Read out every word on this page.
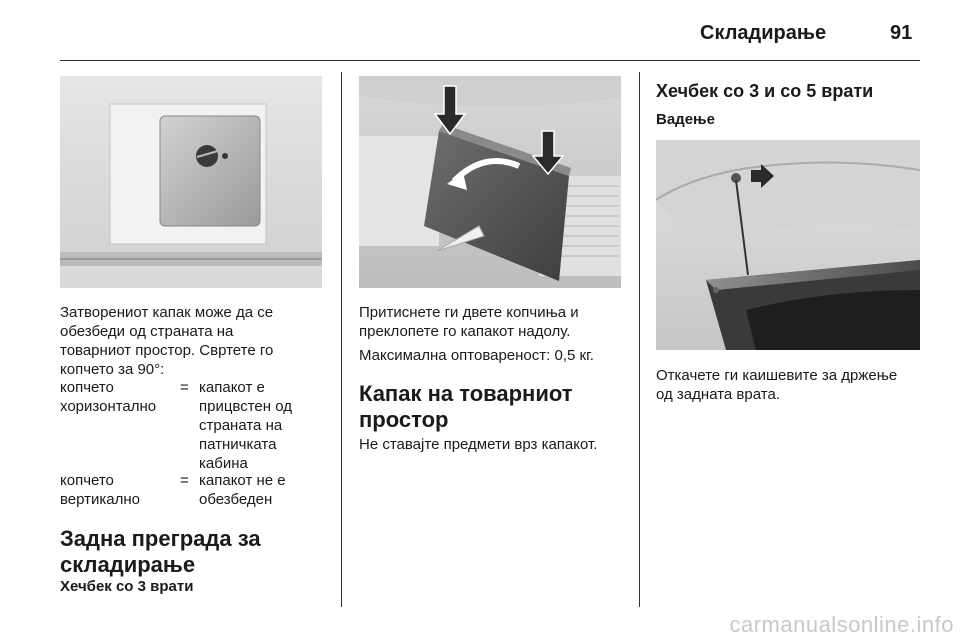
Складирање	91
Затворениот капак може да се
обезбеди од страната на
товарниот простор. Свртете го
копчето за 90°:
копчето
хоризонтално
= капакот е
прицвстен од
страната на
патничката
кабина
копчето
вертикално
= капакот не е
обезбеден
Задна преграда за
складирање
Хечбек со 3 врати
Притиснете ги двете копчиња и
преклопете го капакот надолу.
Максимална оптовареност: 0,5 кг.
Капак на товарниот
простор
Не ставајте предмети врз капакот.
Хечбек со 3 и со 5 врати
Вадење
Откачете ги каишевите за држење
од задната врата.
carmanualsonline.info
